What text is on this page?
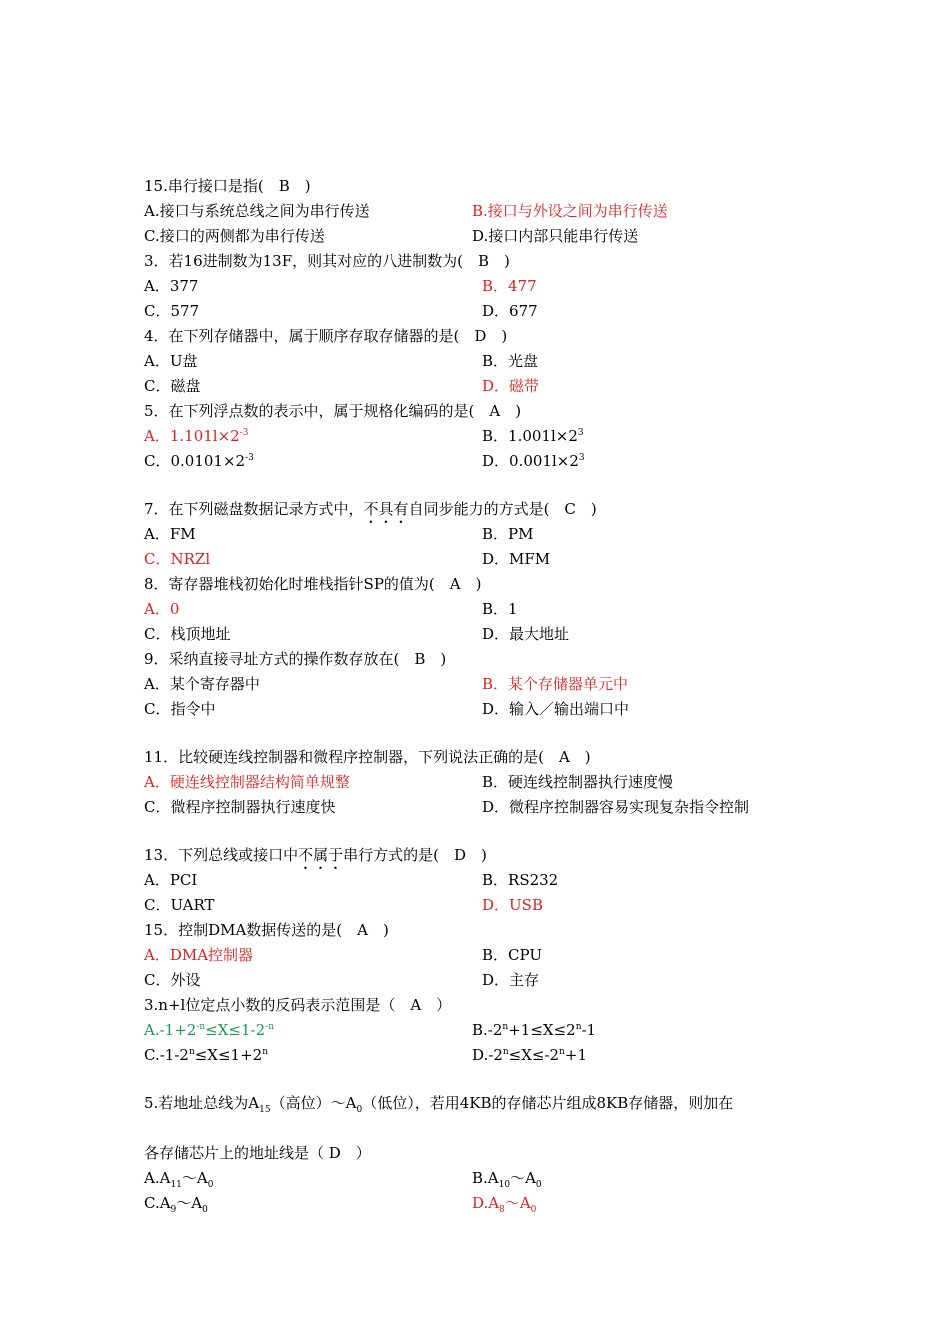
15.串行接口是指(　B　)
A.接口与系统总线之间为串行传送	B.接口与外设之间为串行传送
C.接口的两侧都为串行传送	D.接口内部只能串行传送
3．若16进制数为13F，则其对应的八进制数为(　B　)
A．377	B．477
C．577	D．677
4．在下列存储器中，属于顺序存取存储器的是(　D　)
A．U盘	B．光盘
C．磁盘	D．磁带
5．在下列浮点数的表示中，属于规格化编码的是(　A　)
A．$1.101l\times 2^{-3}$	B．$1.001l\times 2^3$
C．$0.0101\times 2^{-3}$	D．$0.001l\times 2^3$
7．在下列磁盘数据记录方式中，不具有自同步能力的方式是(　C　)
A．FM	B．PM
C．NRZl	D．MFM
8．寄存器堆栈初始化时堆栈指针SP的值为(　A　)
A．0	B．1
C．栈顶地址	D．最大地址
9．采纳直接寻址方式的操作数存放在(　B　)
A．某个寄存器中	B．某个存储器单元中
C．指令中	D．输入／输出端口中
11．比较硬连线控制器和微程序控制器，下列说法正确的是(　A　)
A．硬连线控制器结构简单规整	B．硬连线控制器执行速度慢
C．微程序控制器执行速度快	D．微程序控制器容易实现复杂指令控制
13．下列总线或接口中不属于串行方式的是(　D　)
A．PCI	B．RS232
C．UART	D．USB
15．控制DMA数据传送的是(　A　)
A．DMA控制器	B．CPU
C．外设	D．主存
3.n+l位定点小数的反码表示范围是（　A　）
$A.-1+2^{-n}\le X\le 1-2^{-n}$	$B.-2^n+1\le X\le 2^n-1$
$C.-1-2^n\le X\le 1+2^n$	$D.-2^n\le X\le-2^n+1$
5.若地址总线为$A_{15}$（高位）$\sim A_0$（低位），若用4KB的存储芯片组成8KB存储器，则加在
各存储芯片上的地址线是（ D　）
$A.A_{11}\sim A_0$	$B.A_{10}\sim A_0$
$C.A_9\sim A_0$	$D.A_8\sim A_0$
